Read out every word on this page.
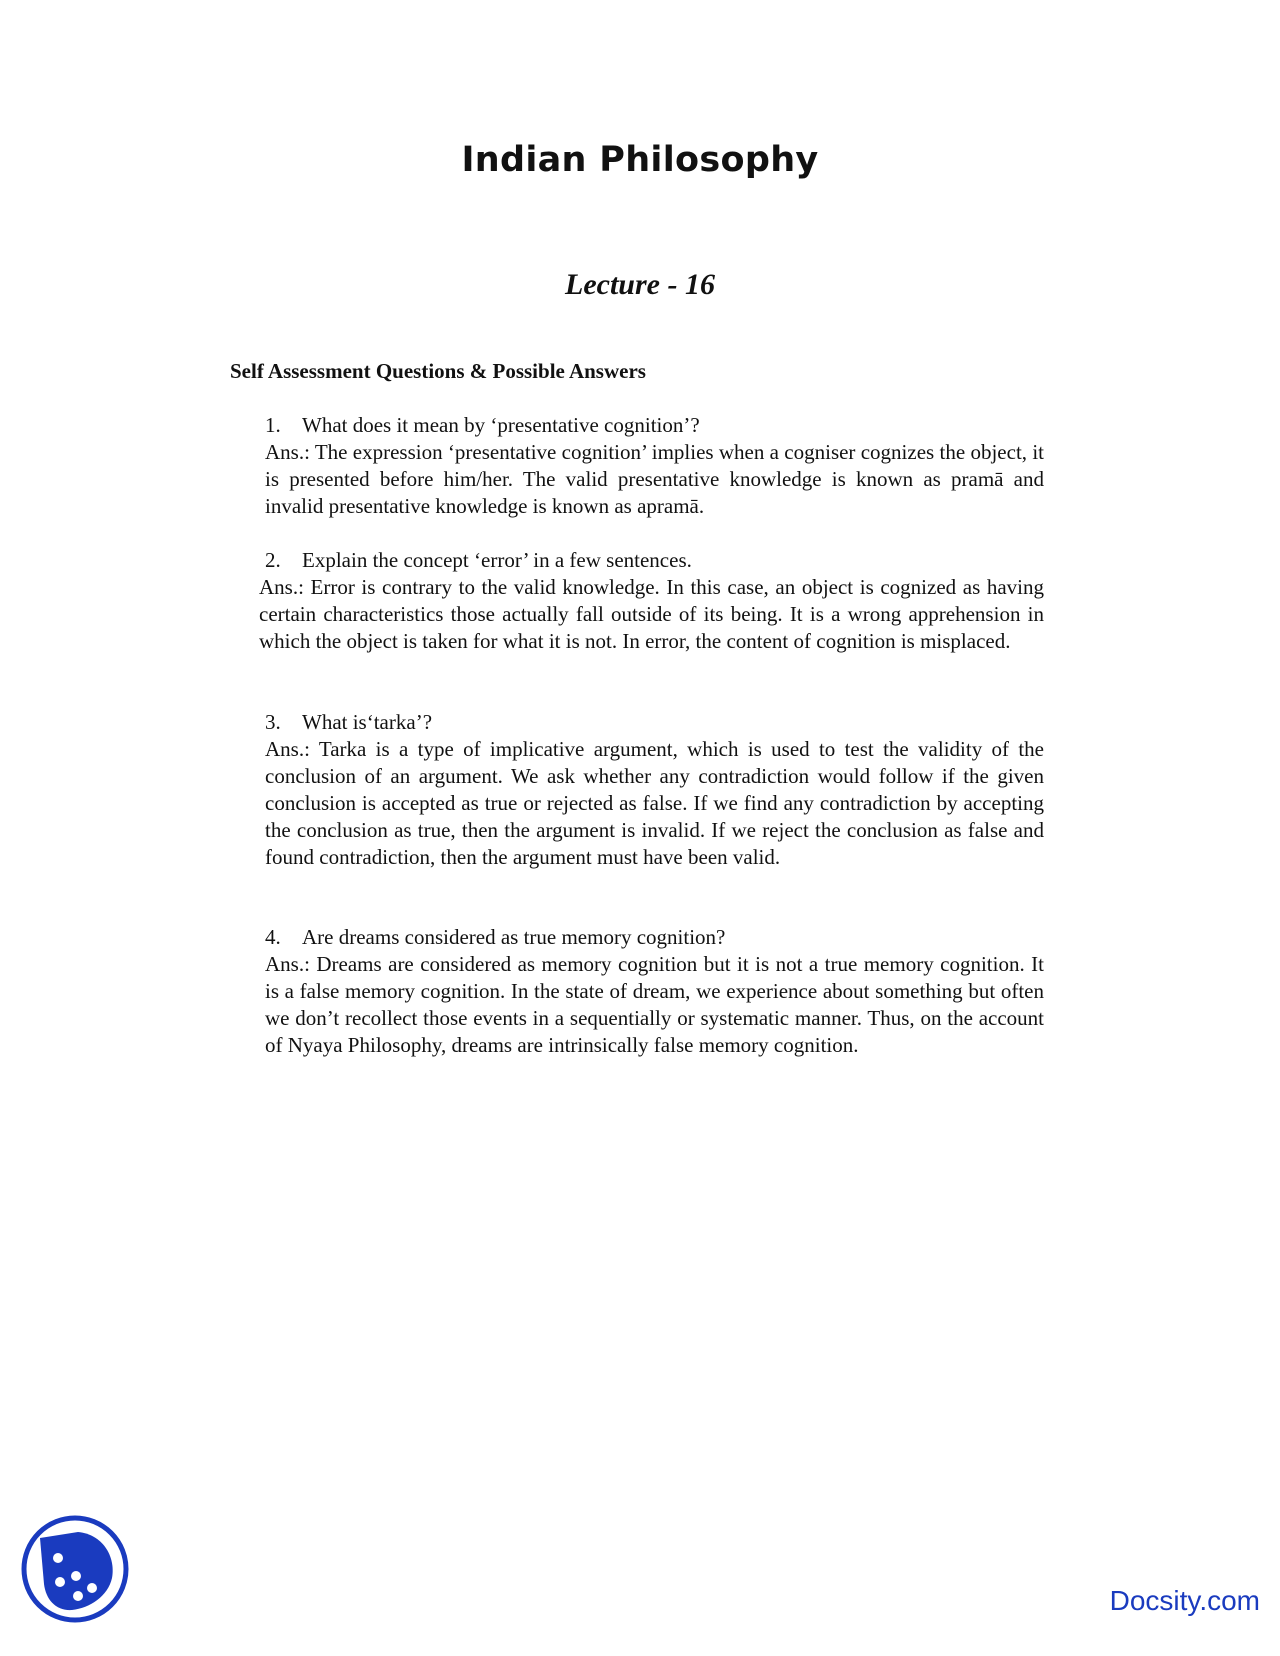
Indian Philosophy
Lecture - 16
Self Assessment Questions & Possible Answers

1.	What does it mean by ‘presentative cognition’?

Ans.: The expression ‘presentative cognition’ implies when a cogniser cognizes the object, it is presented before him/her. The valid presentative knowledge is known as pramā and invalid presentative knowledge is known as apramā.

2.	Explain the concept ‘error’ in a few sentences.

Ans.: Error is contrary to the valid knowledge. In this case, an object is cognized as having certain characteristics those actually fall outside of its being. It is a wrong apprehension in which the object is taken for what it is not. In error, the content of cognition is misplaced.

3.	What is‘tarka’?

Ans.: Tarka is a type of implicative argument, which is used to test the validity of the conclusion of an argument. We ask whether any contradiction would follow if the given conclusion is accepted as true or rejected as false. If we find any contradiction by accepting the conclusion as true, then the argument is invalid. If we reject the conclusion as false and found contradiction, then the argument must have been valid.

4.	Are dreams considered as true memory cognition?

Ans.: Dreams are considered as memory cognition but it is not a true memory cognition. It is a false memory cognition. In the state of dream, we experience about something but often we don’t recollect those events in a sequentially or systematic manner. Thus, on the account of Nyaya Philosophy, dreams are intrinsically false memory cognition.

Docsity.com
